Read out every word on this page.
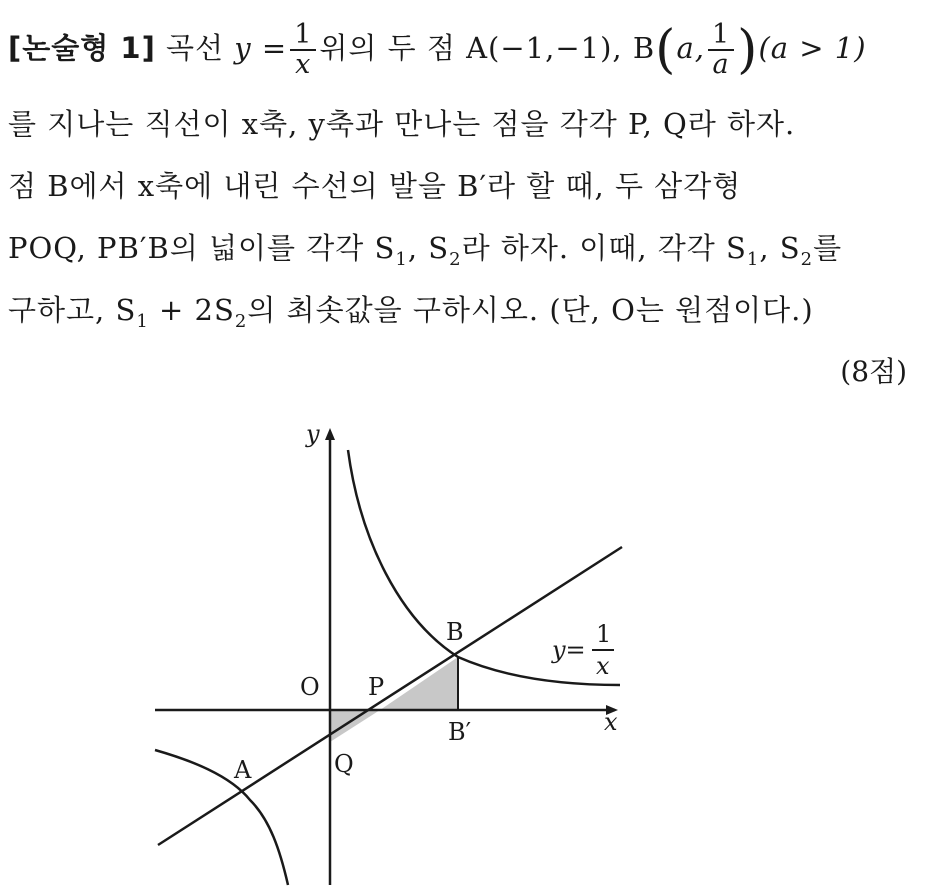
[논술형 1] 곡선 $y = \frac{1}{x}$ 위의 두 점 A(−1,−1), B(a, $\frac{1}{a} )(a > 1)$
를 지나는 직선이 x축, y축과 만나는 점을 각각 P, Q라 하자.
점 B에서 x축에 내린 수선의 발을 B′라 할 때, 두 삼각형
POQ, PB′B의 넓이를 각각 $S_1$, $S_2$라 하자. 이때, 각각 $S_1$, $S_2$를
구하고, $S_1 + 2S_2$의 최솟값을 구하시오. (단, O는 원점이다.)
(8점)
y
x
O P
Q
A
B
B′
y=
1
x
